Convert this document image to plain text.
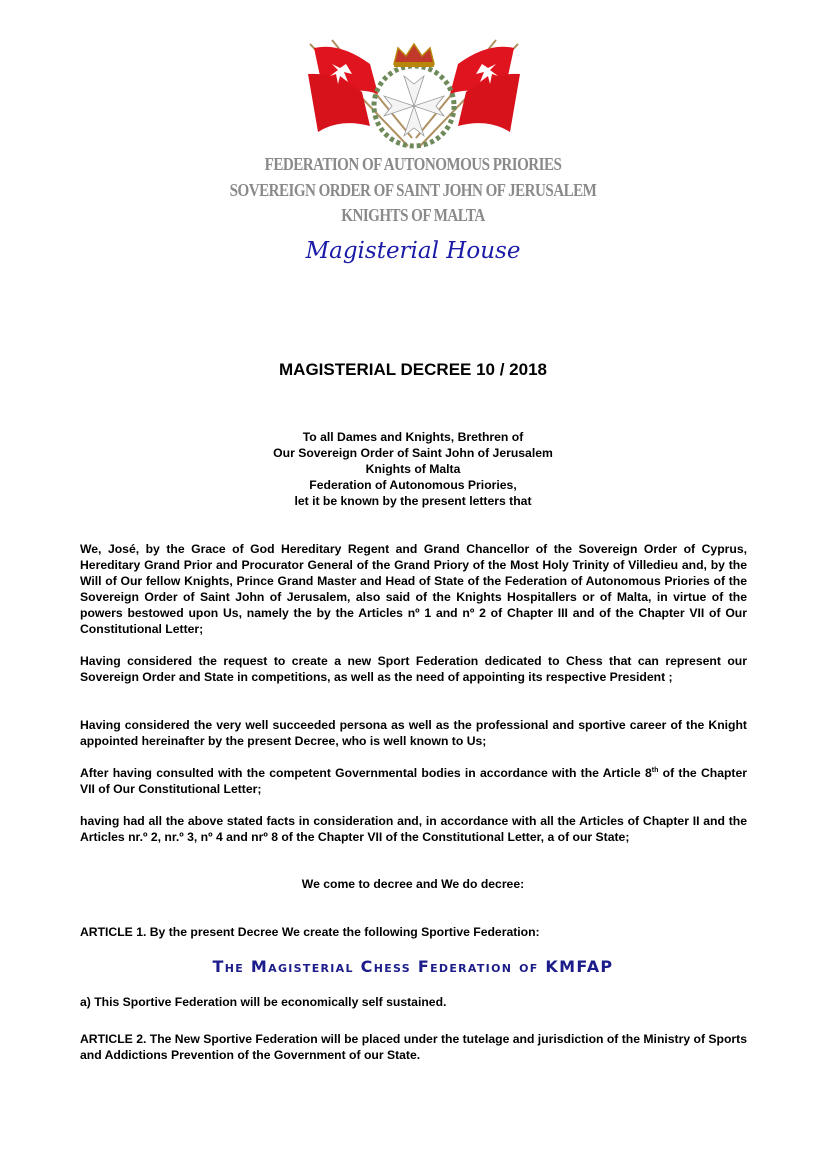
FEDERATION OF AUTONOMOUS PRIORIES
SOVEREIGN ORDER OF SAINT JOHN OF JERUSALEM
KNIGHTS OF MALTA
Magisterial House
MAGISTERIAL DECREE 10 / 2018
To all Dames and Knights, Brethren of
Our Sovereign Order of Saint John of Jerusalem
Knights of Malta
Federation of Autonomous Priories,
let it be known by the present letters that

We, José, by the Grace of God Hereditary Regent and Grand Chancellor of the Sovereign Order of Cyprus, Hereditary Grand Prior and Procurator General of the Grand Priory of the Most Holy Trinity of Villedieu and, by the Will of Our fellow Knights, Prince Grand Master and Head of State of the Federation of Autonomous Priories of the Sovereign Order of Saint John of Jerusalem, also said of the Knights Hospitallers or of Malta, in virtue of the powers bestowed upon Us, namely the by the Articles nº 1 and nº 2 of Chapter III and of the Chapter VII of Our Constitutional Letter;

Having considered the request to create a new Sport Federation dedicated to Chess that can represent our Sovereign Order and State in competitions, as well as the need of appointing its respective President ;

Having considered the very well succeeded persona as well as the professional and sportive career of the Knight appointed hereinafter by the present Decree, who is well known to Us;

After having consulted with the competent Governmental bodies in accordance with the Article 8th of the Chapter VII of Our Constitutional Letter;

having had all the above stated facts in consideration and, in accordance with all the Articles of Chapter II and the Articles nr.º 2, nr.º 3, nº 4 and nrº 8 of the Chapter VII of the Constitutional Letter, a of our State;

We come to decree and We do decree:
ARTICLE 1. By the present Decree We create the following Sportive Federation:
The Magisterial Chess Federation of KMFAP
a) This Sportive Federation will be economically self sustained.

ARTICLE 2. The New Sportive Federation will be placed under the tutelage and jurisdiction of the Ministry of Sports and Addictions Prevention of the Government of our State.
